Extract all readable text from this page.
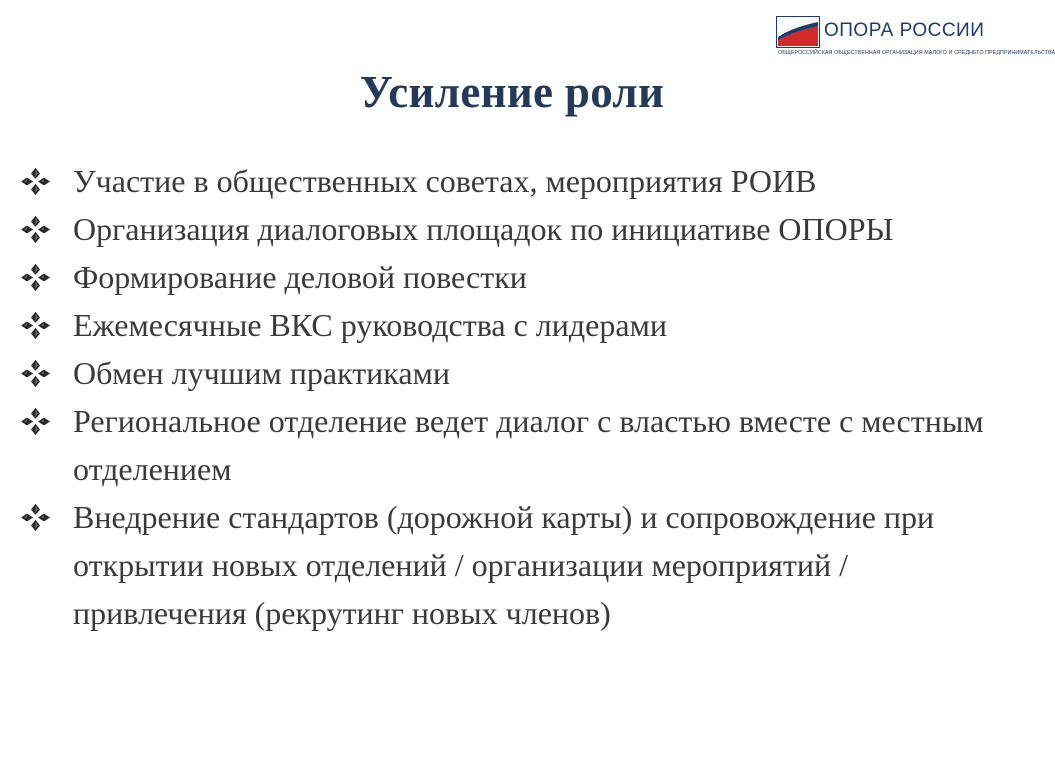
ОПОРА РОССИИ
ОБЩЕРОССИЙСКАЯ ОБЩЕСТВЕННАЯ ОРГАНИЗАЦИЯ МАЛОГО И СРЕДНЕГО ПРЕДПРИНИМАТЕЛЬСТВА
Усиление роли
Участие в общественных советах, мероприятия РОИВ
Организация диалоговых площадок по инициативе ОПОРЫ
Формирование деловой повестки
Ежемесячные ВКС руководства с лидерами
Обмен лучшим практиками
Региональное отделение ведет диалог с властью вместе с местным отделением
Внедрение стандартов (дорожной карты) и сопровождение при открытии новых отделений / организации мероприятий / привлечения (рекрутинг новых членов)
